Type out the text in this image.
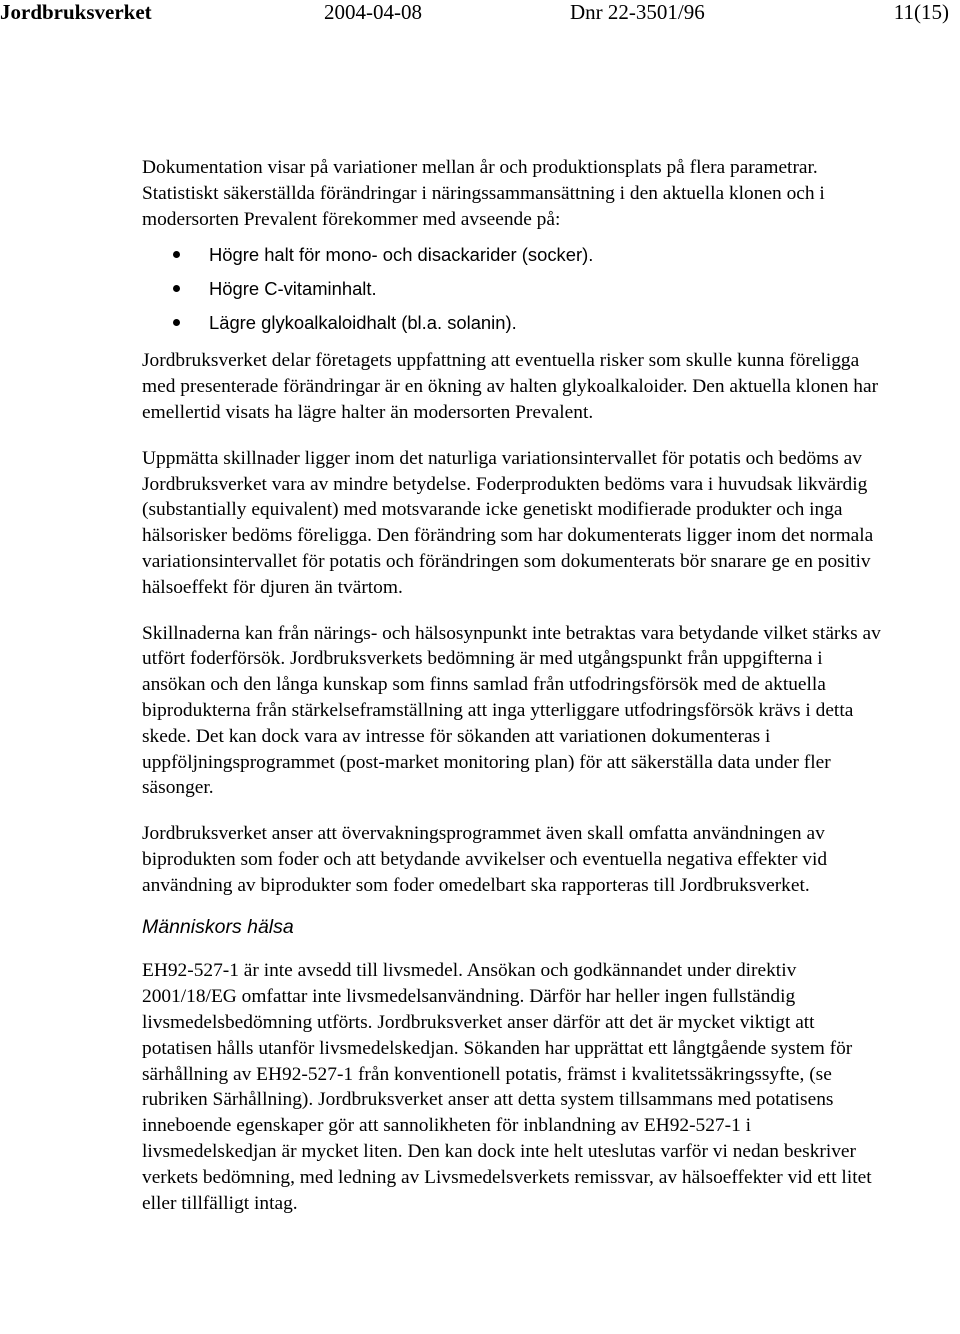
Jordbruksverket	2004-04-08	Dnr 22-3501/96	11(15)

Dokumentation visar på variationer mellan år och produktionsplats på flera parametrar. Statistiskt säkerställda förändringar i näringssammansättning i den aktuella klonen och i modersorten Prevalent förekommer med avseende på:

Högre halt för mono- och disackarider (socker).
Högre C-vitaminhalt.
Lägre glykoalkaloidhalt (bl.a. solanin).

Jordbruksverket delar företagets uppfattning att eventuella risker som skulle kunna föreligga med presenterade förändringar är en ökning av halten glykoalkaloider. Den aktuella klonen har emellertid visats ha lägre halter än modersorten Prevalent.

Uppmätta skillnader ligger inom det naturliga variationsintervallet för potatis och bedöms av Jordbruksverket vara av mindre betydelse. Foderprodukten bedöms vara i huvudsak likvärdig (substantially equivalent) med motsvarande icke genetiskt modifierade produkter och inga hälsorisker bedöms föreligga. Den förändring som har dokumenterats ligger inom det normala variationsintervallet för potatis och förändringen som dokumenterats bör snarare ge en positiv hälsoeffekt för djuren än tvärtom.

Skillnaderna kan från närings- och hälsosynpunkt inte betraktas vara betydande vilket stärks av utfört foderförsök. Jordbruksverkets bedömning är med utgångspunkt från uppgifterna i ansökan och den långa kunskap som finns samlad från utfodringsförsök med de aktuella biprodukterna från stärkelseframställning att inga ytterliggare utfodringsförsök krävs i detta skede. Det kan dock vara av intresse för sökanden att variationen dokumenteras i uppföljningsprogrammet (post-market monitoring plan) för att säkerställa data under fler säsonger.

Jordbruksverket anser att övervakningsprogrammet även skall omfatta användningen av biprodukten som foder och att betydande avvikelser och eventuella negativa effekter vid användning av biprodukter som foder omedelbart ska rapporteras till Jordbruksverket.

Människors hälsa

EH92-527-1 är inte avsedd till livsmedel. Ansökan och godkännandet under direktiv 2001/18/EG omfattar inte livsmedelsanvändning. Därför har heller ingen fullständig livsmedelsbedömning utförts. Jordbruksverket anser därför att det är mycket viktigt att potatisen hålls utanför livsmedelskedjan. Sökanden har upprättat ett långtgående system för särhållning av EH92-527-1 från konventionell potatis, främst i kvalitetssäkringssyfte, (se rubriken Särhållning). Jordbruksverket anser att detta system tillsammans med potatisens inneboende egenskaper gör att sannolikheten för inblandning av EH92-527-1 i livsmedelskedjan är mycket liten. Den kan dock inte helt uteslutas varför vi nedan beskriver verkets bedömning, med ledning av Livsmedelsverkets remissvar, av hälsoeffekter vid ett litet eller tillfälligt intag.
